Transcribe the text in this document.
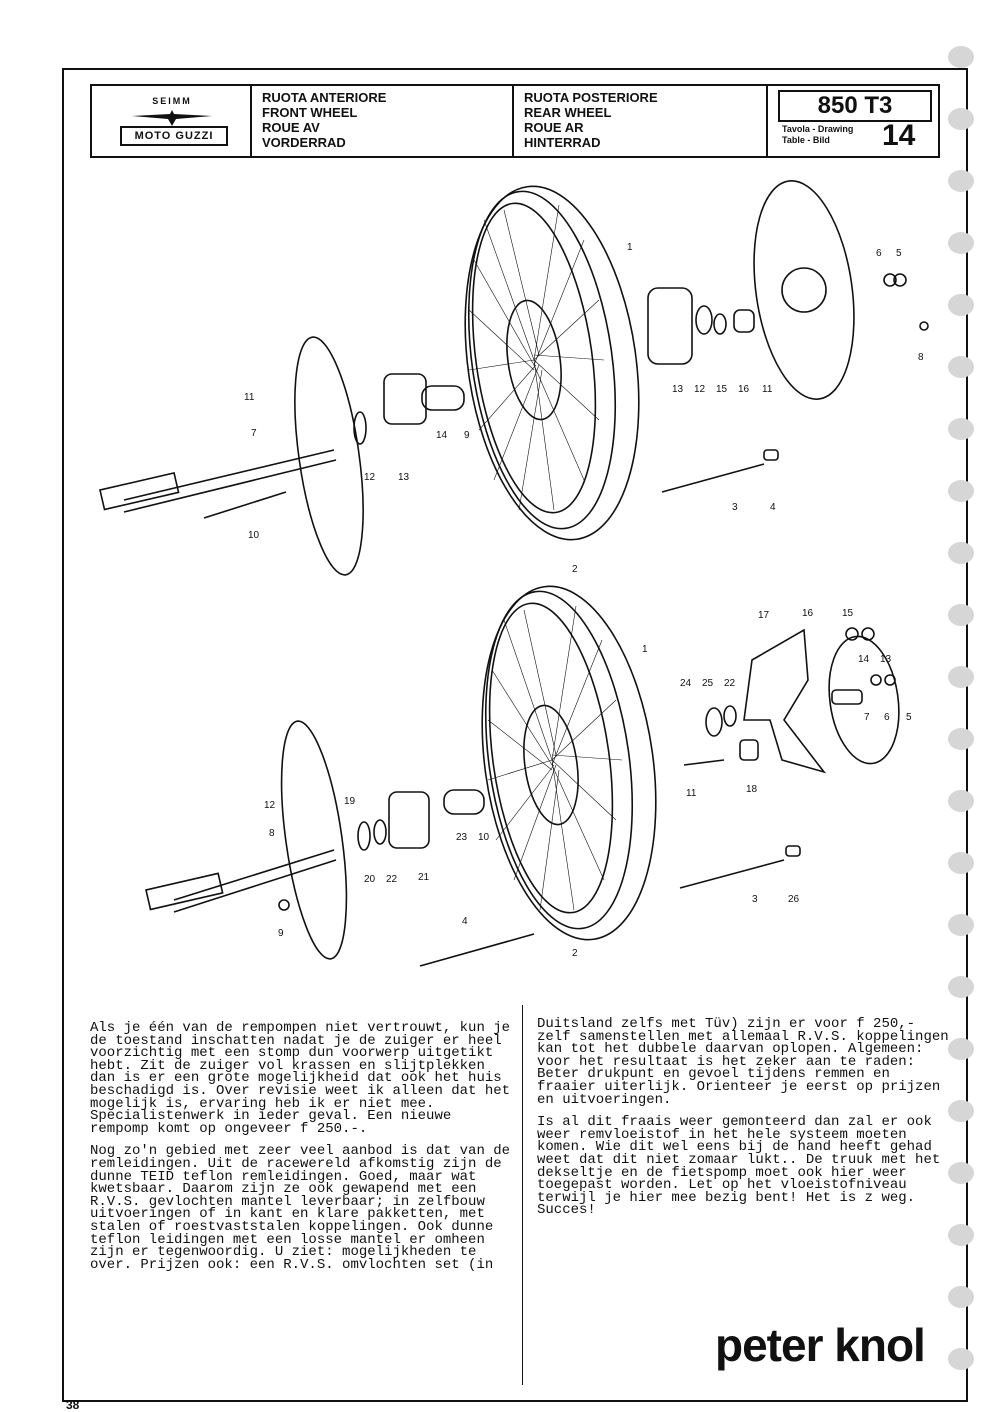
SEIMM
MOTO GUZZI
RUOTA ANTERIORE
FRONT WHEEL
ROUE AV
VORDERRAD
RUOTA POSTERIORE
REAR WHEEL
ROUE AR
HINTERRAD
850 T3
Tavola - Drawing
Table - Bild	14
1
11
7
12 13
14 9
10
2
13 12 15 16 11
6 5
8
3	4
1
17	16	15
14 13
24 25 22
7 6 5
11	18
12	19
8	23 10
20 22 21
3	26
9
4
2

Als je één van de rempompen niet vertrouwt, kun je de toestand inschatten nadat je de zuiger er heel voorzichtig met een stomp dun voorwerp uitgetikt hebt. Zit de zuiger vol krassen en slijtplekken dan is er een grote mogelijkheid dat ook het huis beschadigd is. Over revisie weet ik alleen dat het mogelijk is, ervaring heb ik er niet mee. Specialistenwerk in ieder geval. Een nieuwe rempomp komt op ongeveer f 250.-.

Nog zo'n gebied met zeer veel aanbod is dat van de remleidingen. Uit de racewereld afkomstig zijn de dunne TEID teflon remleidingen. Goed, maar wat kwetsbaar. Daarom zijn ze ook gewapend met een R.V.S. gevlochten mantel leverbaar; in zelfbouw uitvoeringen of in kant en klare pakketten, met stalen of roestvaststalen koppelingen. Ook dunne teflon leidingen met een losse mantel er omheen zijn er tegenwoordig. U ziet: mogelijkheden te over. Prijzen ook: een R.V.S. omvlochten set (in

Duitsland zelfs met Tüv) zijn er voor f 250,- zelf samenstellen met allemaal R.V.S. koppelingen kan tot het dubbele daarvan oplopen. Algemeen: voor het resultaat is het zeker aan te raden: Beter drukpunt en gevoel tijdens remmen en fraaier uiterlijk. Orienteer je eerst op prijzen en uitvoeringen.

Is al dit fraais weer gemonteerd dan zal er ook weer remvloeistof in het hele systeem moeten komen. Wie dit wel eens bij de hand heeft gehad weet dat dit niet zomaar lukt.. De truuk met het dekseltje en de fietspomp moet ook hier weer toegepast worden. Let op het vloeistofniveau terwijl je hier mee bezig bent! Het is z weg. Succes!

peter knol
38
